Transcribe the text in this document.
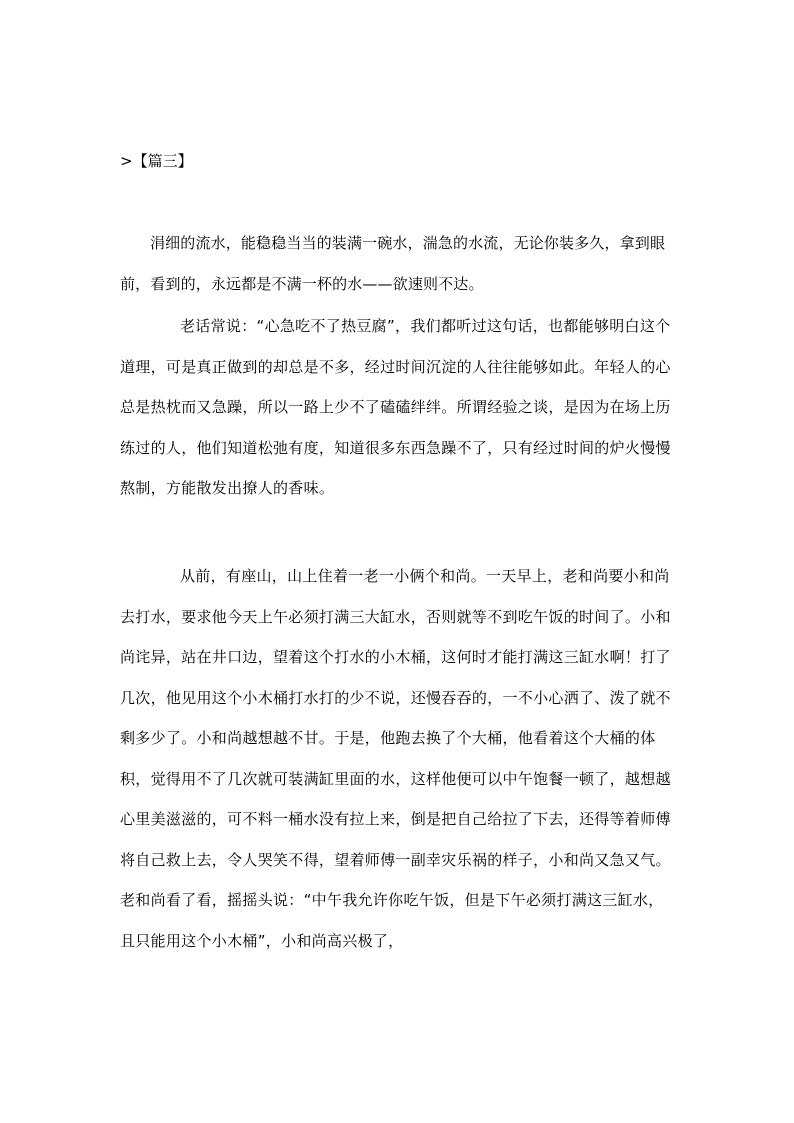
>【篇三】

涓细的流水，能稳稳当当的装满一碗水，湍急的水流，无论你装多久，拿到眼前，看到的，永远都是不满一杯的水——欲速则不达。

老话常说：“心急吃不了热豆腐”，我们都听过这句话，也都能够明白这个道理，可是真正做到的却总是不多，经过时间沉淀的人往往能够如此。年轻人的心总是热枕而又急躁，所以一路上少不了磕磕绊绊。所谓经验之谈，是因为在场上历练过的人，他们知道松弛有度，知道很多东西急躁不了，只有经过时间的炉火慢慢熬制，方能散发出撩人的香味。

从前，有座山，山上住着一老一小俩个和尚。一天早上，老和尚要小和尚去打水，要求他今天上午必须打满三大缸水，否则就等不到吃午饭的时间了。小和尚诧异，站在井口边，望着这个打水的小木桶，这何时才能打满这三缸水啊！打了几次，他见用这个小木桶打水打的少不说，还慢吞吞的，一不小心洒了、泼了就不剩多少了。小和尚越想越不甘。于是，他跑去换了个大桶，他看着这个大桶的体积，觉得用不了几次就可装满缸里面的水，这样他便可以中午饱餐一顿了，越想越心里美滋滋的，可不料一桶水没有拉上来，倒是把自己给拉了下去，还得等着师傅将自己救上去，令人哭笑不得，望着师傅一副幸灾乐祸的样子，小和尚又急又气。老和尚看了看，摇摇头说：“中午我允许你吃午饭，但是下午必须打满这三缸水，且只能用这个小木桶”，小和尚高兴极了，
